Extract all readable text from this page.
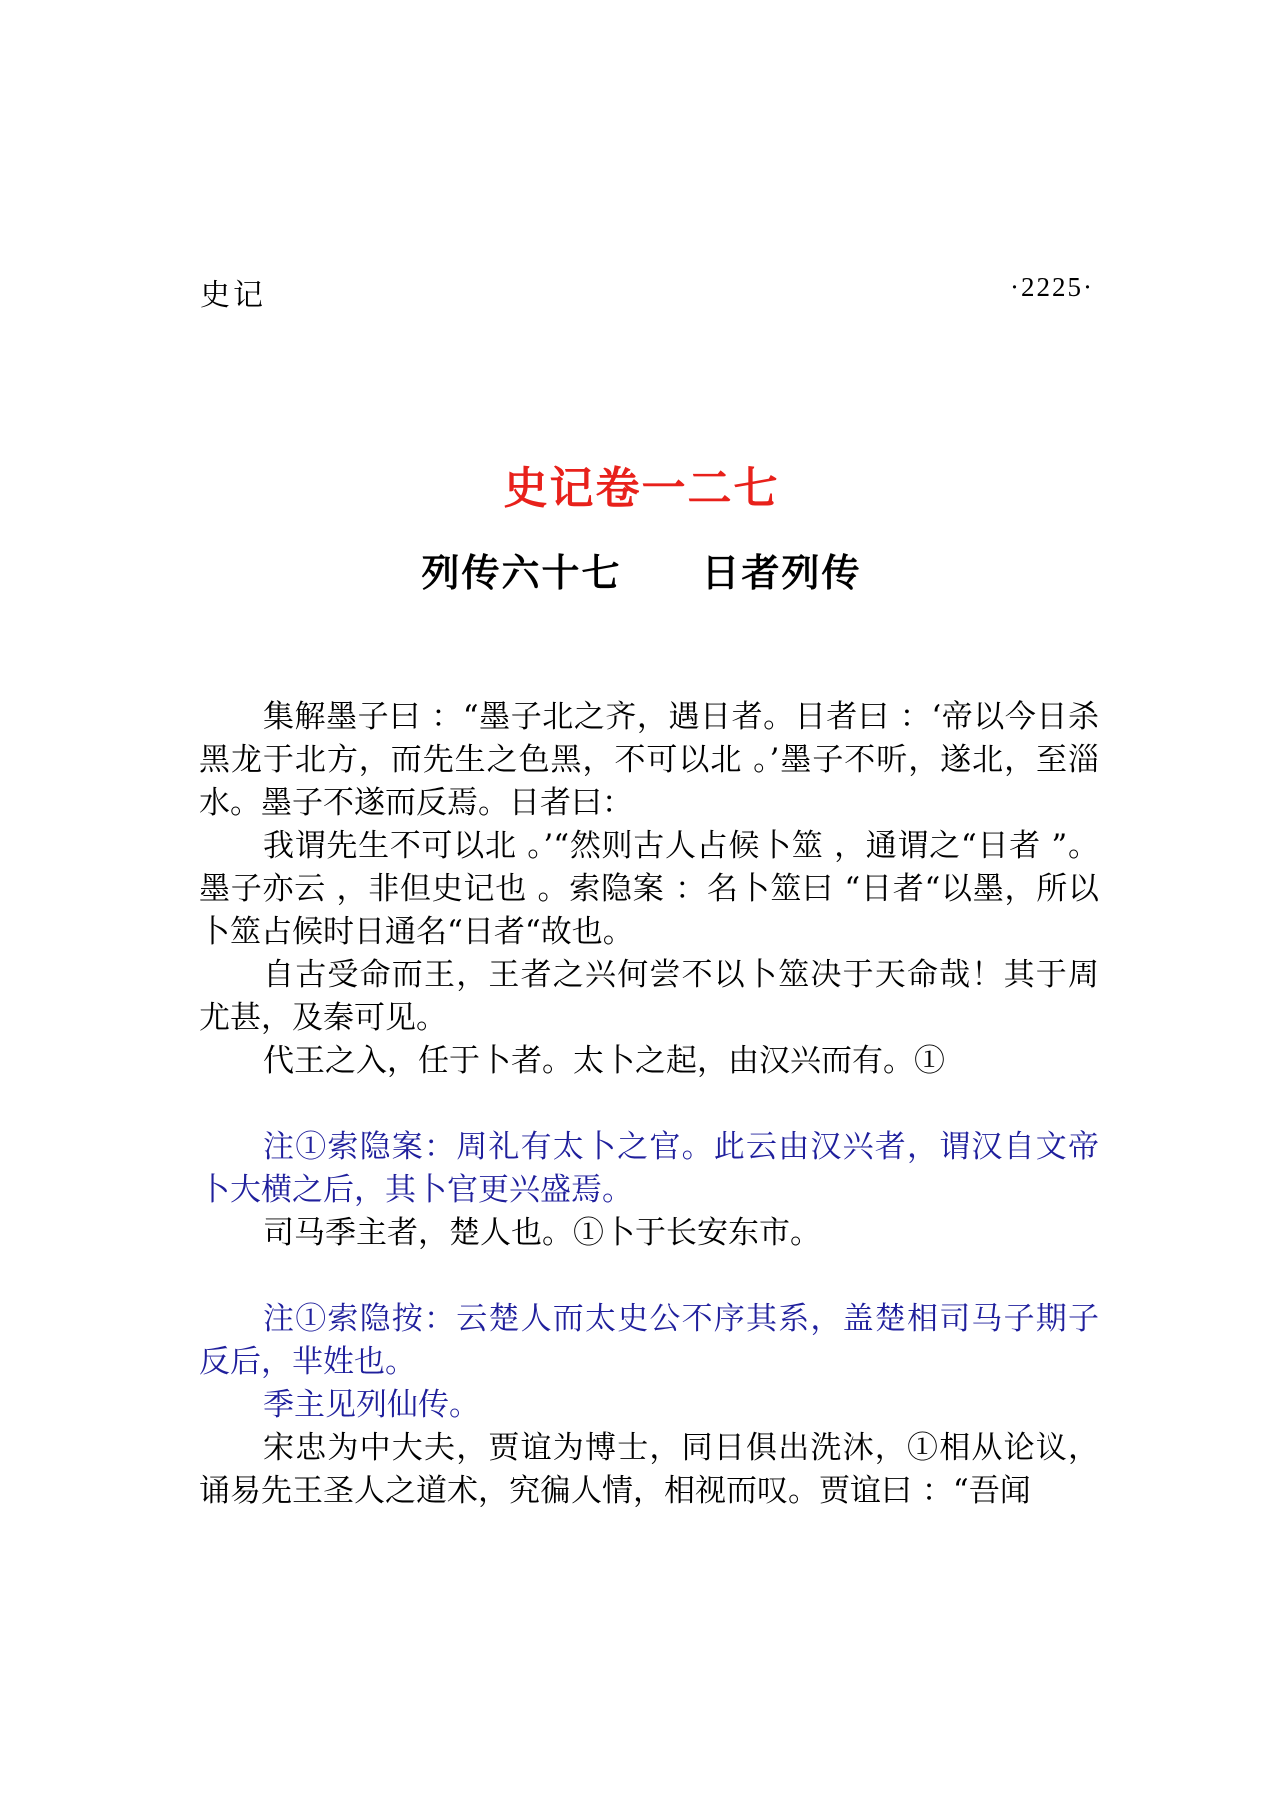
史记	·2225·
史记卷一二七
列传六十七　　日者列传

集解墨子曰 ：“墨子北之齐，遇日者。日者曰 ：‘帝以今日杀黑龙于北方，而先生之色黑，不可以北 。’墨子不听，遂北，至淄水。墨子不遂而反焉。日者曰：

我谓先生不可以北 。’“然则古人占候卜筮 ，通谓之“日者 ”。墨子亦云 ，非但史记也 。索隐案 ：名卜筮曰 “日者“以墨，所以卜筮占候时日通名“日者“故也。

自古受命而王，王者之兴何尝不以卜筮决于天命哉！其于周尤甚，及秦可见。

代王之入，任于卜者。太卜之起，由汉兴而有。①

注①索隐案：周礼有太卜之官。此云由汉兴者，谓汉自文帝卜大横之后，其卜官更兴盛焉。

司马季主者，楚人也。①卜于长安东市。

注①索隐按：云楚人而太史公不序其系，盖楚相司马子期子反后，芈姓也。

季主见列仙传。

宋忠为中大夫，贾谊为博士，同日俱出洗沐，①相从论议，诵易先王圣人之道术，究徧人情，相视而叹。贾谊曰 ：“吾闻
